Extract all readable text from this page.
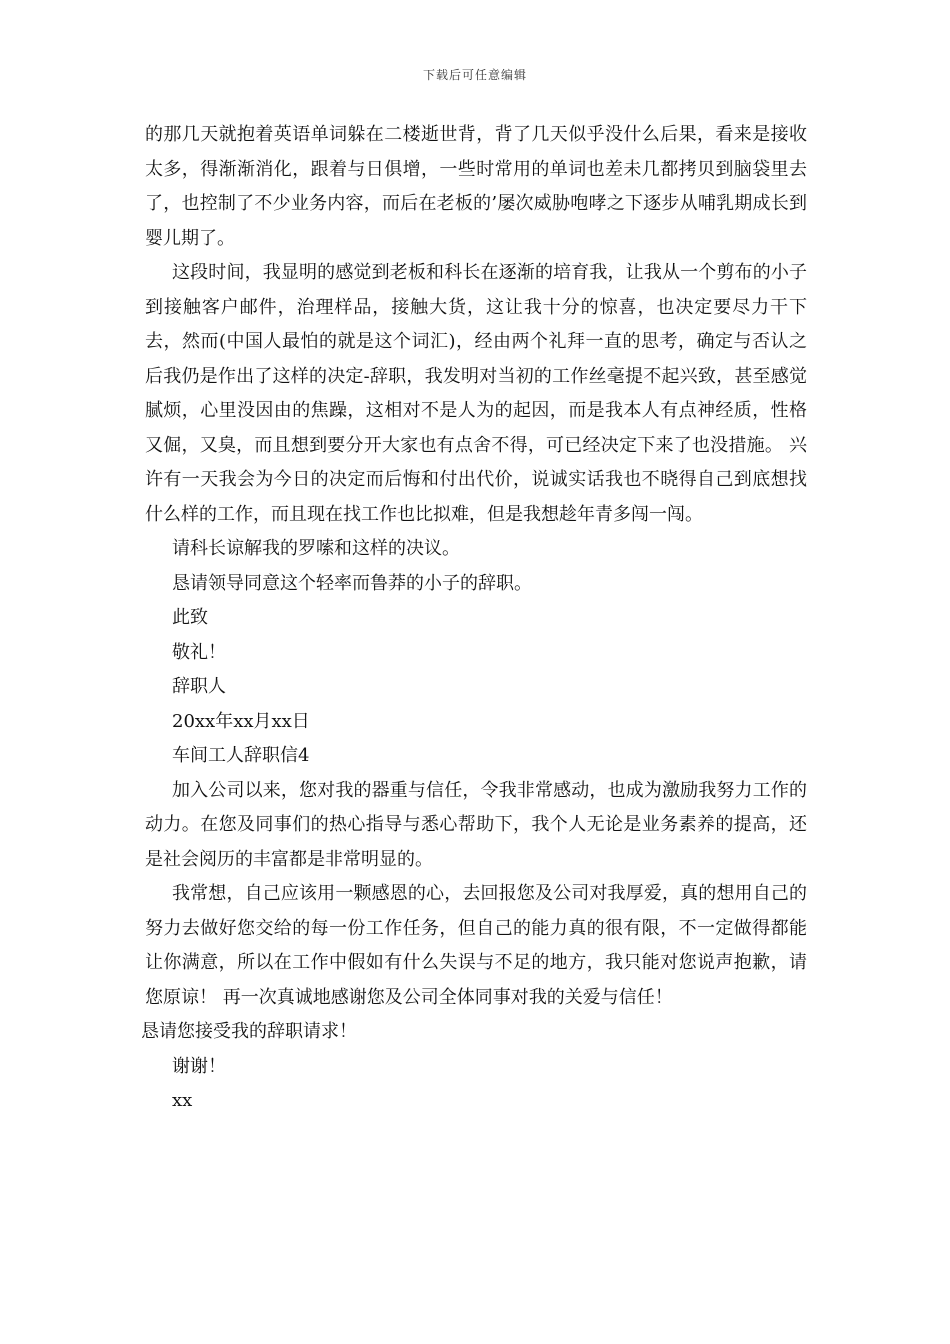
下载后可任意编辑

的那几天就抱着英语单词躲在二楼逝世背，背了几天似乎没什么后果，看来是接收太多，得渐渐消化，跟着与日俱增，一些时常用的单词也差未几都拷贝到脑袋里去了，也控制了不少业务内容，而后在老板的’屡次威胁咆哮之下逐步从哺乳期成长到婴儿期了。

这段时间，我显明的感觉到老板和科长在逐渐的培育我，让我从一个剪布的小子到接触客户邮件，治理样品，接触大货，这让我十分的惊喜，也决定要尽力干下去，然而(中国人最怕的就是这个词汇)，经由两个礼拜一直的思考，确定与否认之后我仍是作出了这样的决定-辞职，我发明对当初的工作丝毫提不起兴致，甚至感觉腻烦，心里没因由的焦躁，这相对不是人为的起因，而是我本人有点神经质，性格又倔，又臭，而且想到要分开大家也有点舍不得，可已经决定下来了也没措施。 兴许有一天我会为今日的决定而后悔和付出代价，说诚实话我也不晓得自己到底想找什么样的工作，而且现在找工作也比拟难，但是我想趁年青多闯一闯。

请科长谅解我的罗嗦和这样的决议。

恳请领导同意这个轻率而鲁莽的小子的辞职。

此致

敬礼！

辞职人

20xx年xx月xx日

车间工人辞职信4

加入公司以来，您对我的器重与信任，令我非常感动，也成为激励我努力工作的动力。在您及同事们的热心指导与悉心帮助下，我个人无论是业务素养的提高，还是社会阅历的丰富都是非常明显的。

我常想，自己应该用一颗感恩的心，去回报您及公司对我厚爱，真的想用自己的努力去做好您交给的每一份工作任务，但自己的能力真的很有限，不一定做得都能让你满意，所以在工作中假如有什么失误与不足的地方，我只能对您说声抱歉，请您原谅！ 再一次真诚地感谢您及公司全体同事对我的关爱与信任！

恳请您接受我的辞职请求！

谢谢！

xx
